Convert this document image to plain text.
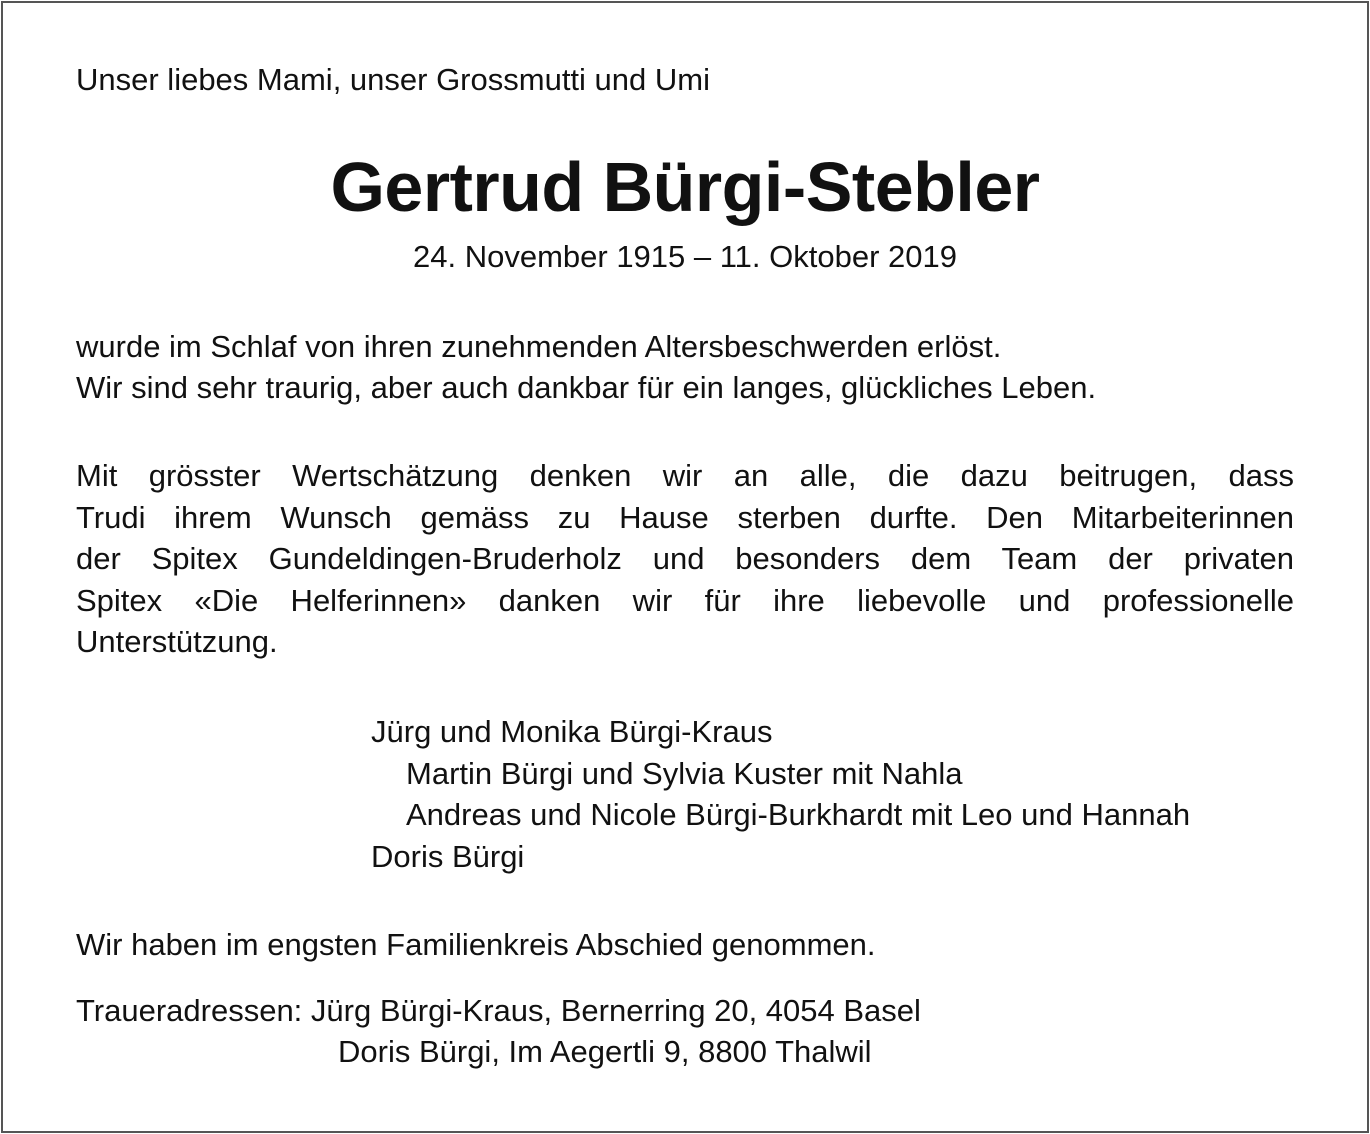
Unser liebes Mami, unser Grossmutti und Umi
Gertrud Bürgi-Stebler
24. November 1915 – 11. Oktober 2019
wurde im Schlaf von ihren zunehmenden Altersbeschwerden erlöst.
Wir sind sehr traurig, aber auch dankbar für ein langes, glückliches Leben.
Mit grösster Wertschätzung denken wir an alle, die dazu beitrugen, dass
Trudi ihrem Wunsch gemäss zu Hause sterben durfte. Den Mitarbeiterinnen
der Spitex Gundeldingen-Bruderholz und besonders dem Team der privaten
Spitex «Die Helferinnen» danken wir für ihre liebevolle und professionelle
Unterstützung.
Jürg und Monika Bürgi-Kraus
Martin Bürgi und Sylvia Kuster mit Nahla
Andreas und Nicole Bürgi-Burkhardt mit Leo und Hannah
Doris Bürgi
Wir haben im engsten Familienkreis Abschied genommen.
Traueradressen: Jürg Bürgi-Kraus, Bernerring 20, 4054 Basel
Doris Bürgi, Im Aegertli 9, 8800 Thalwil
